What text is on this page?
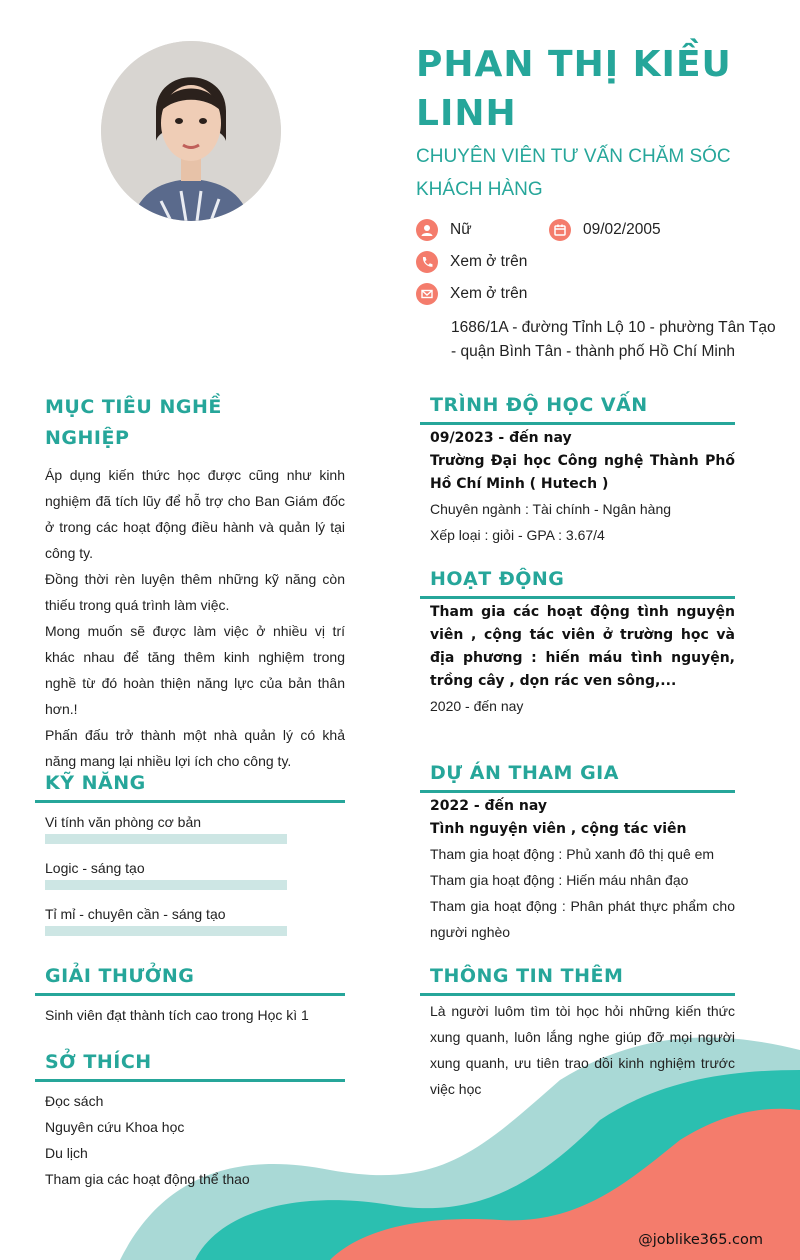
PHAN THỊ KIỀU LINH
CHUYÊN VIÊN TƯ VẤN CHĂM SÓC KHÁCH HÀNG
Nữ	09/02/2005
Xem ở trên
Xem ở trên
1686/1A - đường Tỉnh Lộ 10 - phường Tân Tạo - quận Bình Tân - thành phố Hồ Chí Minh
MỤC TIÊU NGHỀ NGHIỆP

Áp dụng kiến thức học được cũng như kinh nghiệm đã tích lũy để hỗ trợ cho Ban Giám đốc ở trong các hoạt động điều hành và quản lý tại công ty.

Đồng thời rèn luyện thêm những kỹ năng còn thiếu trong quá trình làm việc.

Mong muốn sẽ được làm việc ở nhiều vị trí khác nhau để tăng thêm kinh nghiệm trong nghề từ đó hoàn thiện năng lực của bản thân hơn.!

Phấn đấu trở thành một nhà quản lý có khả năng mang lại nhiều lợi ích cho công ty.

KỸ NĂNG
Vi tính văn phòng cơ bản
Logic - sáng tạo
Tỉ mỉ - chuyên cần - sáng tạo
GIẢI THƯỞNG
Sinh viên đạt thành tích cao trong Học kì 1
SỞ THÍCH
Đọc sách
Nguyên cứu Khoa học
Du lịch
Tham gia các hoạt động thể thao
TRÌNH ĐỘ HỌC VẤN
09/2023 - đến nay
Trường Đại học Công nghệ Thành Phố Hồ Chí Minh ( Hutech )
Chuyên ngành : Tài chính - Ngân hàng
Xếp loại : giỏi - GPA : 3.67/4
HOẠT ĐỘNG
Tham gia các hoạt động tình nguyện viên , cộng tác viên ở trường học và địa phương : hiến máu tình nguyện, trồng cây , dọn rác ven sông,...
2020 - đến nay
DỰ ÁN THAM GIA
2022 - đến nay
Tình nguyện viên , cộng tác viên
Tham gia hoạt động : Phủ xanh đô thị quê em
Tham gia hoạt động : Hiến máu nhân đạo
Tham gia hoạt động : Phân phát thực phẩm cho người nghèo
THÔNG TIN THÊM

Là người luôm tìm tòi học hỏi những kiến thức xung quanh, luôn lắng nghe giúp đỡ mọi người xung quanh, ưu tiên trao dồi kinh nghiệm trước việc học

@joblike365.com
